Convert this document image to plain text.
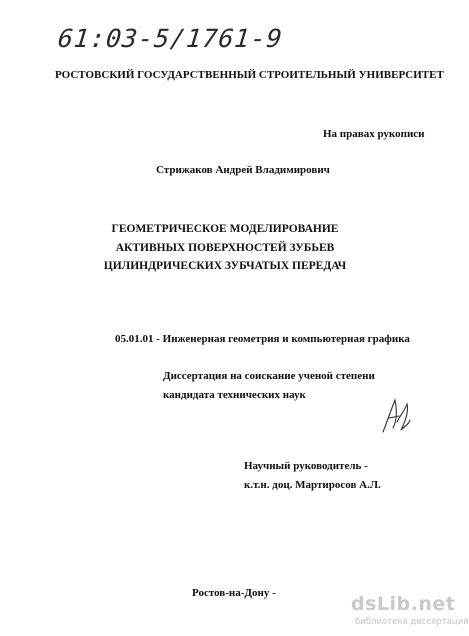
61:03-5/1761-9
РОСТОВСКИЙ ГОСУДАРСТВЕННЫЙ СТРОИТЕЛЬНЫЙ УНИВЕРСИТЕТ
На правах рукописи
Стрижаков Андрей Владимирович
ГЕОМЕТРИЧЕСКОЕ МОДЕЛИРОВАНИЕ
АКТИВНЫХ ПОВЕРХНОСТЕЙ ЗУБЬЕВ
ЦИЛИНДРИЧЕСКИХ ЗУБЧАТЫХ ПЕРЕДАЧ
05.01.01 - Инженерная геометрия и компьютерная графика
Диссертация на соискание ученой степени
кандидата технических наук
Научный руководитель -
к.т.н. доц. Мартиросов А.Л.
Ростов-на-Дону -	dsLib.net
библиотека диссертаций
